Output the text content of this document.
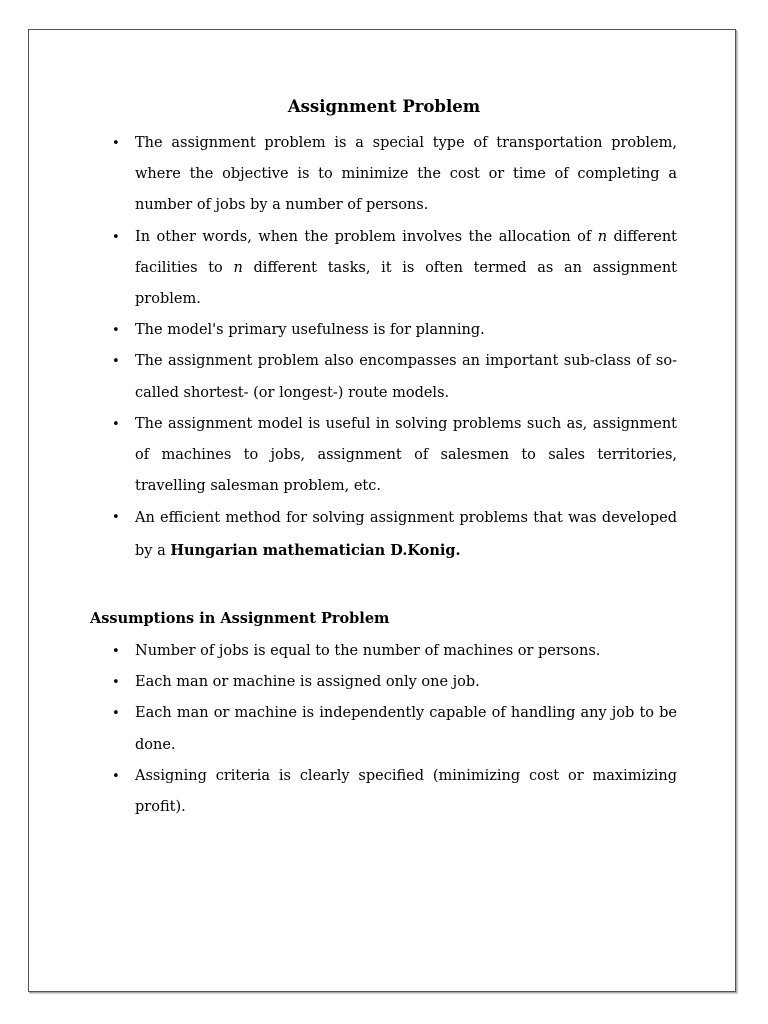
Assignment Problem
• The assignment problem is a special type of transportation problem, where the objective is to minimize the cost or time of completing a number of jobs by a number of persons.
• In other words, when the problem involves the allocation of n different facilities to n different tasks, it is often termed as an assignment problem.
• The model's primary usefulness is for planning.
• The assignment problem also encompasses an important sub-class of so-called shortest- (or longest-) route models.
• The assignment model is useful in solving problems such as, assignment of machines to jobs, assignment of salesmen to sales territories, travelling salesman problem, etc.
• An efficient method for solving assignment problems that was developed by a Hungarian mathematician D.Konig.
Assumptions in Assignment Problem
• Number of jobs is equal to the number of machines or persons.
• Each man or machine is assigned only one job.
• Each man or machine is independently capable of handling any job to be done.
• Assigning criteria is clearly specified (minimizing cost or maximizing profit).
